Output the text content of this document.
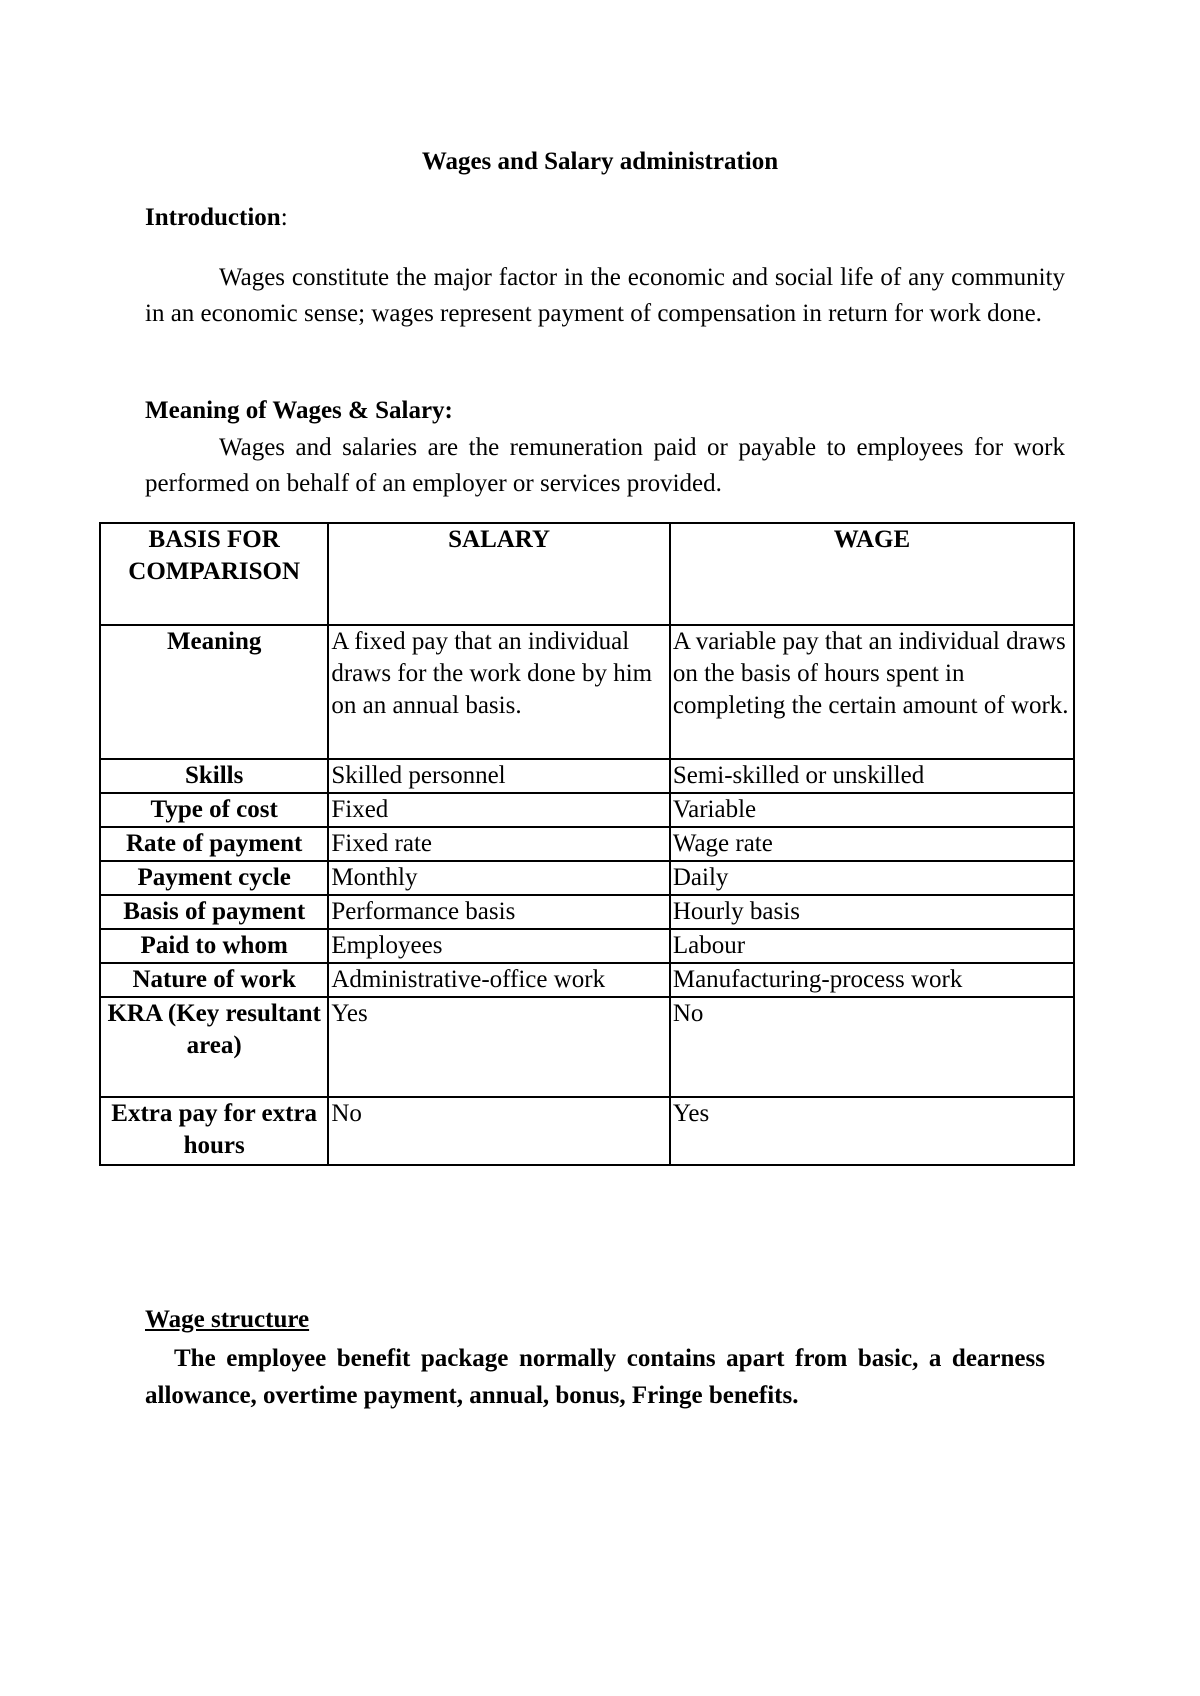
Wages and Salary administration
Introduction:

Wages constitute the major factor in the economic and social life of any community in an economic sense; wages represent payment of compensation in return for work done.

Meaning of Wages & Salary:

Wages and salaries are the remuneration paid or payable to employees for work performed on behalf of an employer or services provided.

BASIS FOR COMPARISON	SALARY	WAGE
Meaning	A fixed pay that an individual draws for the work done by him on an annual basis.	A variable pay that an individual draws on the basis of hours spent in completing the certain amount of work.
Skills	Skilled personnel	Semi-skilled or unskilled
Type of cost	Fixed	Variable
Rate of payment	Fixed rate	Wage rate
Payment cycle	Monthly	Daily
Basis of payment	Performance basis	Hourly basis
Paid to whom	Employees	Labour
Nature of work	Administrative-office work	Manufacturing-process work
KRA (Key resultant area)	Yes	No
Extra pay for extra hours	No	Yes
Wage structure

The employee benefit package normally contains apart from basic, a dearness allowance, overtime payment, annual, bonus, Fringe benefits.
